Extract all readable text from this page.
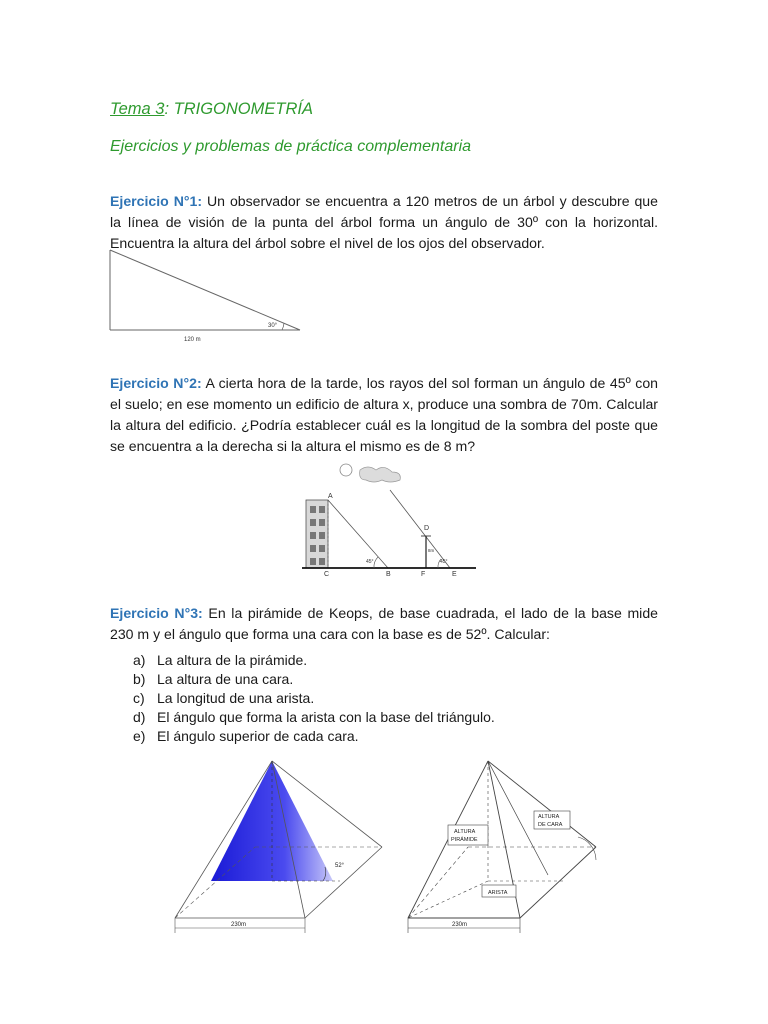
Tema 3: TRIGONOMETRÍA
Ejercicios y problemas de práctica complementaria
Ejercicio N°1: Un observador se encuentra a 120 metros de un árbol y descubre que la línea de visión de la punta del árbol forma un ángulo de 30º con la horizontal. Encuentra la altura del árbol sobre el nivel de los ojos del observador.
30°
120 m
Ejercicio N°2: A cierta hora de la tarde, los rayos del sol forman un ángulo de 45º con el suelo; en ese momento un edificio de altura x, produce una sombra de 70m. Calcular la altura del edificio. ¿Podría establecer cuál es la longitud de la sombra del poste que se encuentra a la derecha si la altura el mismo es de 8 m?
A
C	B
D
F	E
45°	45°
8m
Ejercicio N°3: En la pirámide de Keops, de base cuadrada, el lado de la base mide 230 m y el ángulo que forma una cara con la base es de 52º. Calcular:
a) La altura de la pirámide.
b) La altura de una cara.
c) La longitud de una arista.
d) El ángulo que forma la arista con la base del triángulo.
e) El ángulo superior de cada cara.
52°
230m
ALTURA
PIRÁMIDE
ALTURA
DE CARA
ARISTA
230m
